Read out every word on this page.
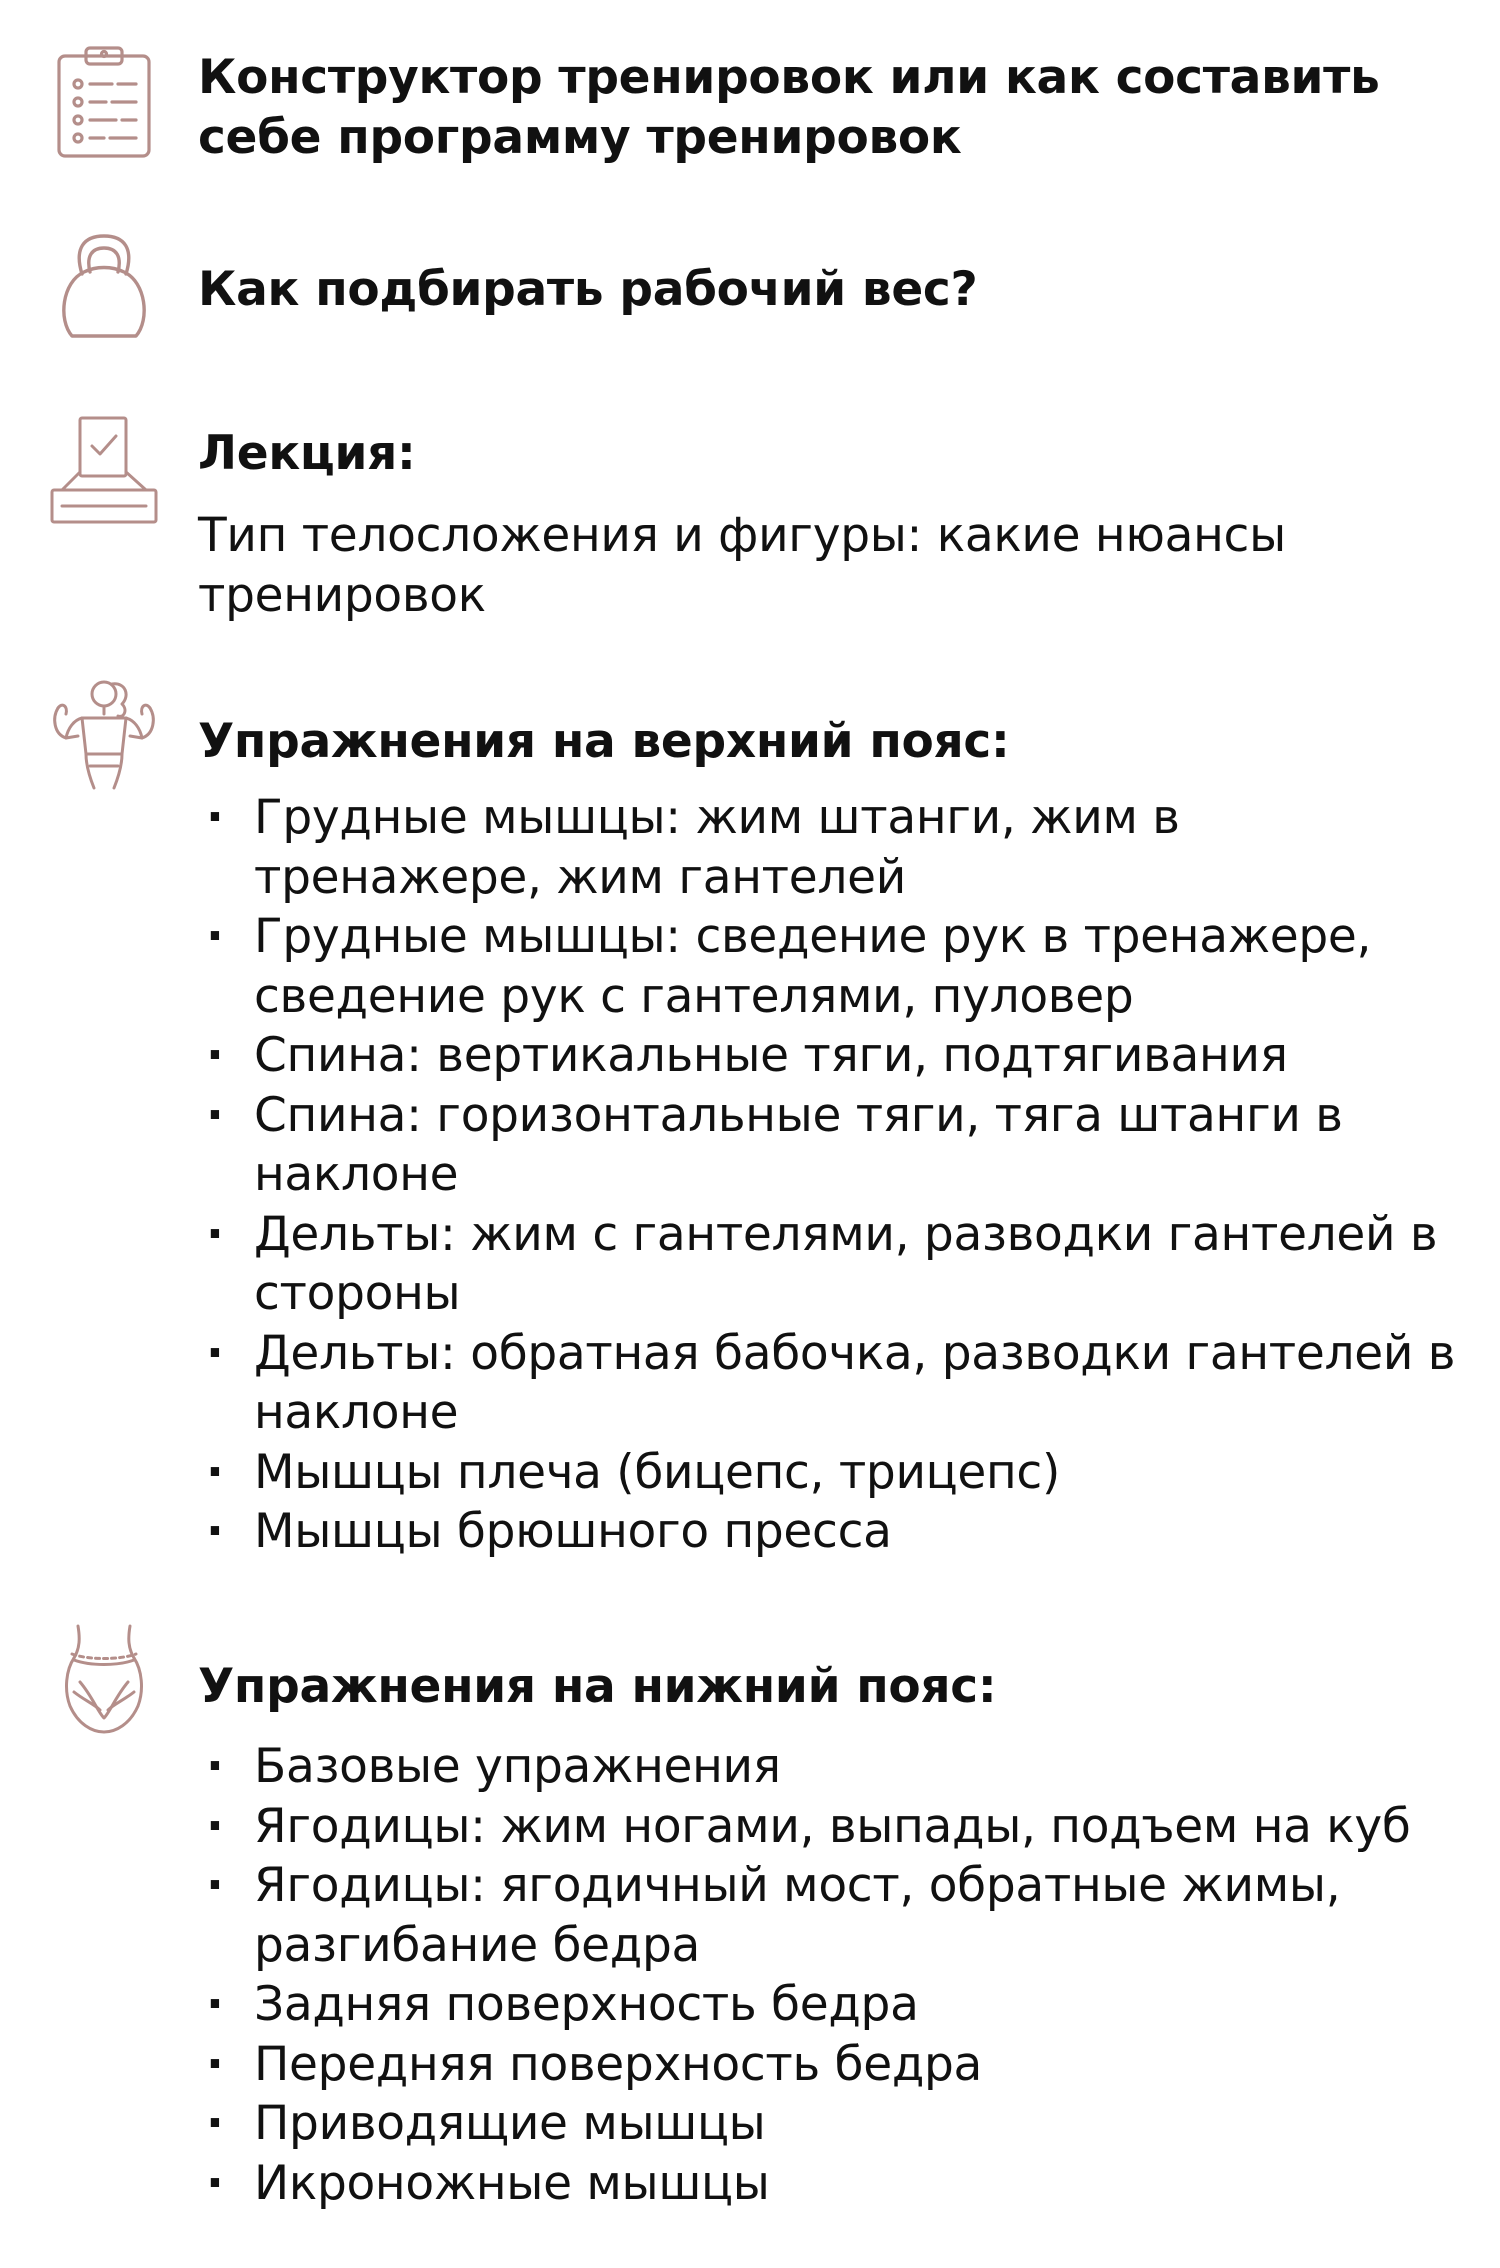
Конструктор тренировок или как составить себе программу тренировок
Как подбирать рабочий вес?
Лекция:
Тип телосложения и фигуры: какие нюансы тренировок
Упражнения на верхний пояс:
· Грудные мышцы: жим штанги, жим в тренажере, жим гантелей
· Грудные мышцы: сведение рук в тренажере, сведение рук с гантелями, пуловер
· Спина: вертикальные тяги, подтягивания
· Спина: горизонтальные тяги, тяга штанги в наклоне
· Дельты: жим с гантелями, разводки гантелей в стороны
· Дельты: обратная бабочка, разводки гантелей в наклоне
· Мышцы плеча (бицепс, трицепс)
· Мышцы брюшного пресса
Упражнения на нижний пояс:
· Базовые упражнения
· Ягодицы: жим ногами, выпады, подъем на куб
· Ягодицы: ягодичный мост, обратные жимы, разгибание бедра
· Задняя поверхность бедра
· Передняя поверхность бедра
· Приводящие мышцы
· Икроножные мышцы
